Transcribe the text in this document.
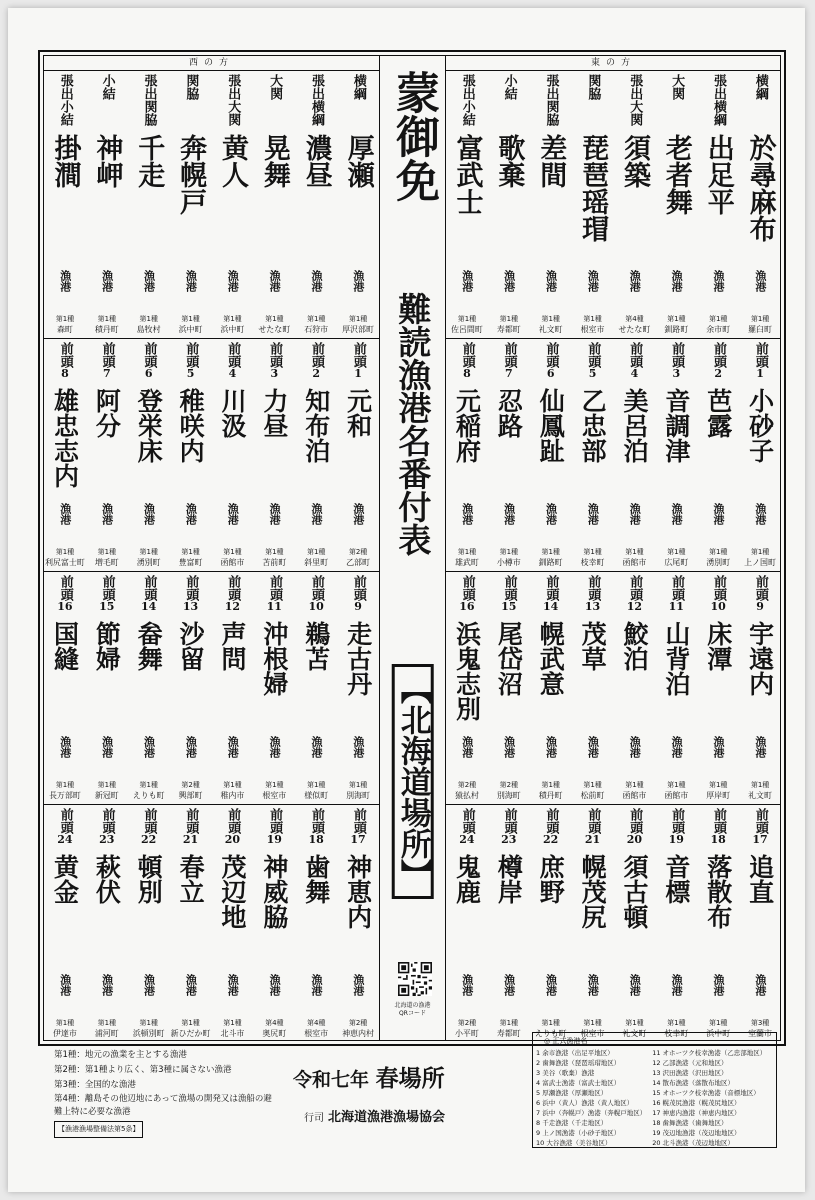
西の方
横綱
厚瀬
漁港
第1種
厚沢部町
張出横綱
濃昼
漁港
第1種
石狩市
大関
晃舞
漁港
第1種
せたな町
張出大関
黄人
漁港
第1種
浜中町
関脇
奔幌戸
漁港
第1種
浜中町
張出関脇
千走
漁港
第1種
島牧村
小結
神岬
漁港
第1種
積丹町
張出小結
掛澗
漁港
第1種
森町
前頭
1
元和
漁港
第2種
乙部町
前頭
2
知布泊
漁港
第1種
斜里町
前頭
3
力昼
漁港
第1種
苫前町
前頭
4
川汲
漁港
第1種
函館市
前頭
5
稚咲内
漁港
第1種
豊富町
前頭
6
登栄床
漁港
第1種
湧別町
前頭
7
阿分
漁港
第1種
増毛町
前頭
8
雄忠志内
漁港
第1種
利尻富士町
前頭
9
走古丹
漁港
第1種
別海町
前頭
10
鵜苫
漁港
第1種
様似町
前頭
11
沖根婦
漁港
第1種
根室市
前頭
12
声問
漁港
第1種
稚内市
前頭
13
沙留
漁港
第2種
興部町
前頭
14
畚舞
漁港
第1種
えりも町
前頭
15
節婦
漁港
第1種
新冠町
前頭
16
国縫
漁港
第1種
長万部町
前頭
17
神恵内
漁港
第2種
神恵内村
前頭
18
歯舞
漁港
第4種
根室市
前頭
19
神威脇
漁港
第4種
奥尻町
前頭
20
茂辺地
漁港
第1種
北斗市
前頭
21
春立
漁港
第1種
新ひだか町
前頭
22
頓別
漁港
第1種
浜頓別町
前頭
23
萩伏
漁港
第1種
浦河町
前頭
24
黄金
漁港
第1種
伊達市
蒙御免
難読漁港名番付表
【北海道場所】
北海道の漁港
QRコード
東の方
横綱
於尋麻布
漁港
第1種
羅臼町
張出横綱
出足平
漁港
第1種
余市町
大関
老者舞
漁港
第1種
釧路町
張出大関
須築
漁港
第4種
せたな町
関脇
琵琶瑶瑁
漁港
第1種
根室市
張出関脇
差間
漁港
第1種
礼文町
小結
歌棄
漁港
第1種
寿都町
張出小結
富武士
漁港
第1種
佐呂間町
前頭
1
小砂子
漁港
第1種
上ノ国町
前頭
2
芭露
漁港
第1種
湧別町
前頭
3
音調津
漁港
第1種
広尾町
前頭
4
美呂泊
漁港
第1種
函館市
前頭
5
乙忠部
漁港
第1種
枝幸町
前頭
6
仙鳳趾
漁港
第1種
釧路町
前頭
7
忍路
漁港
第1種
小樽市
前頭
8
元稲府
漁港
第1種
雄武町
前頭
9
宇遠内
漁港
第1種
礼文町
前頭
10
床潭
漁港
第1種
厚岸町
前頭
11
山背泊
漁港
第1種
函館市
前頭
12
鮫泊
漁港
第1種
函館市
前頭
13
茂草
漁港
第1種
松前町
前頭
14
幌武意
漁港
第1種
積丹町
前頭
15
尾岱沼
漁港
第2種
別海町
前頭
16
浜鬼志別
漁港
第2種
猿払村
前頭
17
追直
漁港
第3種
室蘭市
前頭
18
落散布
漁港
第1種
浜中町
前頭
19
音標
漁港
第1種
枝幸町
前頭
20
須古頓
漁港
第1種
礼文町
前頭
21
幌茂尻
漁港
第1種
根室市
前頭
22
庶野
漁港
第1種
えりも町
前頭
23
樽岸
漁港
第1種
寿都町
前頭
24
鬼鹿
漁港
第2種
小平町
第1種：地元の漁業を主とする漁港
第2種：第1種より広く、第3種に属さない漁港
第3種：全国的な漁港
第4種：離島その他辺地にあって漁場の開発又は漁船の避難上特に必要な漁港
【漁港漁場整備法第5条】
令和七年 春場所
行司 北海道漁港漁場協会
◎ 正式漁港名
1 余市漁港（出足平地区）
2 歯舞漁港（琵琶瑶瑁地区）
3 美谷（歌棄）漁港
4 富武士漁港（富武士地区）
5 厚瀬漁港（厚瀬地区）
6 浜中（黄人）漁港（黄人地区）
7 浜中（奔幌戸）漁港（奔幌戸地区）
8 千走漁港（千走地区）
9 上ノ国漁港（小砂子地区）
10 大谷漁港（美谷地区）
11 オホーツク枝幸漁港（乙忠部地区）
12 乙部漁港（元和地区）
13 沢田漁港（沢田地区）
14 散布漁港（落散布地区）
15 オホーツク枝幸漁港（音標地区）
16 幌茂尻漁港（幌茂尻地区）
17 神恵内漁港（神恵内地区）
18 歯舞漁港（歯舞地区）
19 茂辺地漁港（茂辺地地区）
20 北斗漁港（茂辺地地区）
